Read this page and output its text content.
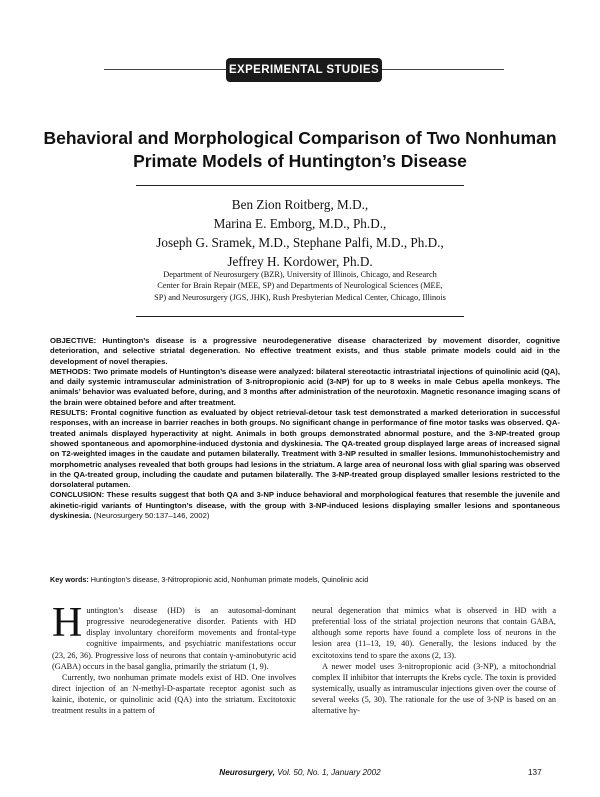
EXPERIMENTAL STUDIES
Behavioral and Morphological Comparison of Two Nonhuman
Primate Models of Huntington’s Disease
Ben Zion Roitberg, M.D.,
Marina E. Emborg, M.D., Ph.D.,
Joseph G. Sramek, M.D., Stephane Palfi, M.D., Ph.D.,
Jeffrey H. Kordower, Ph.D.
Department of Neurosurgery (BZR), University of Illinois, Chicago, and Research
Center for Brain Repair (MEE, SP) and Departments of Neurological Sciences (MEE,
SP) and Neurosurgery (JGS, JHK), Rush Presbyterian Medical Center, Chicago, Illinois

OBJECTIVE: Huntington’s disease is a progressive neurodegenerative disease characterized by movement disorder, cognitive deterioration, and selective striatal degeneration. No effective treatment exists, and thus stable primate models could aid in the development of novel therapies.

METHODS: Two primate models of Huntington’s disease were analyzed: bilateral stereotactic intrastriatal injections of quinolinic acid (QA), and daily systemic intramuscular administration of 3-nitropropionic acid (3-NP) for up to 8 weeks in male Cebus apella monkeys. The animals’ behavior was evaluated before, during, and 3 months after administration of the neurotoxin. Magnetic resonance imaging scans of the brain were obtained before and after treatment.

RESULTS: Frontal cognitive function as evaluated by object retrieval-detour task test demonstrated a marked deterioration in successful responses, with an increase in barrier reaches in both groups. No significant change in performance of fine motor tasks was observed. QA-treated animals displayed hyperactivity at night. Animals in both groups demonstrated abnormal posture, and the 3-NP-treated group showed spontaneous and apomorphine-induced dystonia and dyskinesia. The QA-treated group displayed large areas of increased signal on T2-weighted images in the caudate and putamen bilaterally. Treatment with 3-NP resulted in smaller lesions. Immunohistochemistry and morphometric analyses revealed that both groups had lesions in the striatum. A large area of neuronal loss with glial sparing was observed in the QA-treated group, including the caudate and putamen bilaterally. The 3-NP-treated group displayed smaller lesions restricted to the dorsolateral putamen.

CONCLUSION: These results suggest that both QA and 3-NP induce behavioral and morphological features that resemble the juvenile and akinetic-rigid variants of Huntington’s disease, with the group with 3-NP-induced lesions displaying smaller lesions and spontaneous dyskinesia. (Neurosurgery 50:137–146, 2002)

Key words: Huntington’s disease, 3-Nitropropionic acid, Nonhuman primate models, Quinolinic acid

Huntington’s disease (HD) is an autosomal-dominant progressive neurodegenerative disorder. Patients with HD display involuntary choreiform movements and frontal-type cognitive impairments, and psychiatric manifestations occur (23, 26, 36). Progressive loss of neurons that contain γ-aminobutyric acid (GABA) occurs in the basal ganglia, primarily the striatum (1, 9).

Currently, two nonhuman primate models exist of HD. One involves direct injection of an N-methyl-D-aspartate receptor agonist such as kainic, ibotenic, or quinolinic acid (QA) into the striatum. Excitotoxic treatment results in a pattern of

neural degeneration that mimics what is observed in HD with a preferential loss of the striatal projection neurons that contain GABA, although some reports have found a complete loss of neurons in the lesion area (11–13, 19, 40). Generally, the lesions induced by the excitotoxins tend to spare the axons (2, 13).

A newer model uses 3-nitropropionic acid (3-NP), a mitochondrial complex II inhibitor that interrupts the Krebs cycle. The toxin is provided systemically, usually as intramuscular injections given over the course of several weeks (5, 30). The rationale for the use of 3-NP is based on an alternative hy-

Neurosurgery, Vol. 50, No. 1, January 2002	137
